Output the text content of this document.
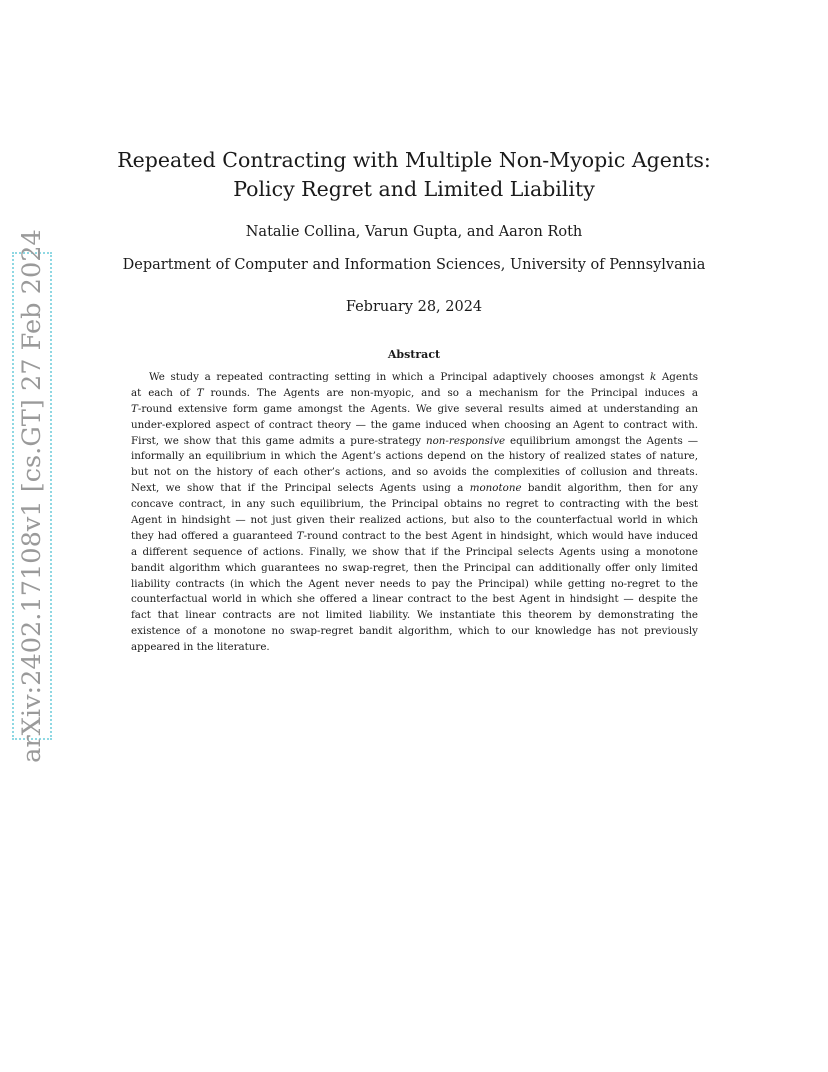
arXiv:2402.17108v1 [cs.GT] 27 Feb 2024
Repeated Contracting with Multiple Non-Myopic Agents:
Policy Regret and Limited Liability
Natalie Collina, Varun Gupta, and Aaron Roth
Department of Computer and Information Sciences, University of Pennsylvania
February 28, 2024
Abstract
We study a repeated contracting setting in which a Principal adaptively chooses amongst k Agents
at each of T rounds. The Agents are non-myopic, and so a mechanism for the Principal induces a
T-round extensive form game amongst the Agents. We give several results aimed at understanding an
under-explored aspect of contract theory — the game induced when choosing an Agent to contract with.
First, we show that this game admits a pure-strategy non-responsive equilibrium amongst the Agents —
informally an equilibrium in which the Agent’s actions depend on the history of realized states of nature,
but not on the history of each other’s actions, and so avoids the complexities of collusion and threats.
Next, we show that if the Principal selects Agents using a monotone bandit algorithm, then for any
concave contract, in any such equilibrium, the Principal obtains no regret to contracting with the best
Agent in hindsight — not just given their realized actions, but also to the counterfactual world in which
they had offered a guaranteed T-round contract to the best Agent in hindsight, which would have induced
a different sequence of actions. Finally, we show that if the Principal selects Agents using a monotone
bandit algorithm which guarantees no swap-regret, then the Principal can additionally offer only limited
liability contracts (in which the Agent never needs to pay the Principal) while getting no-regret to the
counterfactual world in which she offered a linear contract to the best Agent in hindsight — despite the
fact that linear contracts are not limited liability. We instantiate this theorem by demonstrating the
existence of a monotone no swap-regret bandit algorithm, which to our knowledge has not previously
appeared in the literature.
